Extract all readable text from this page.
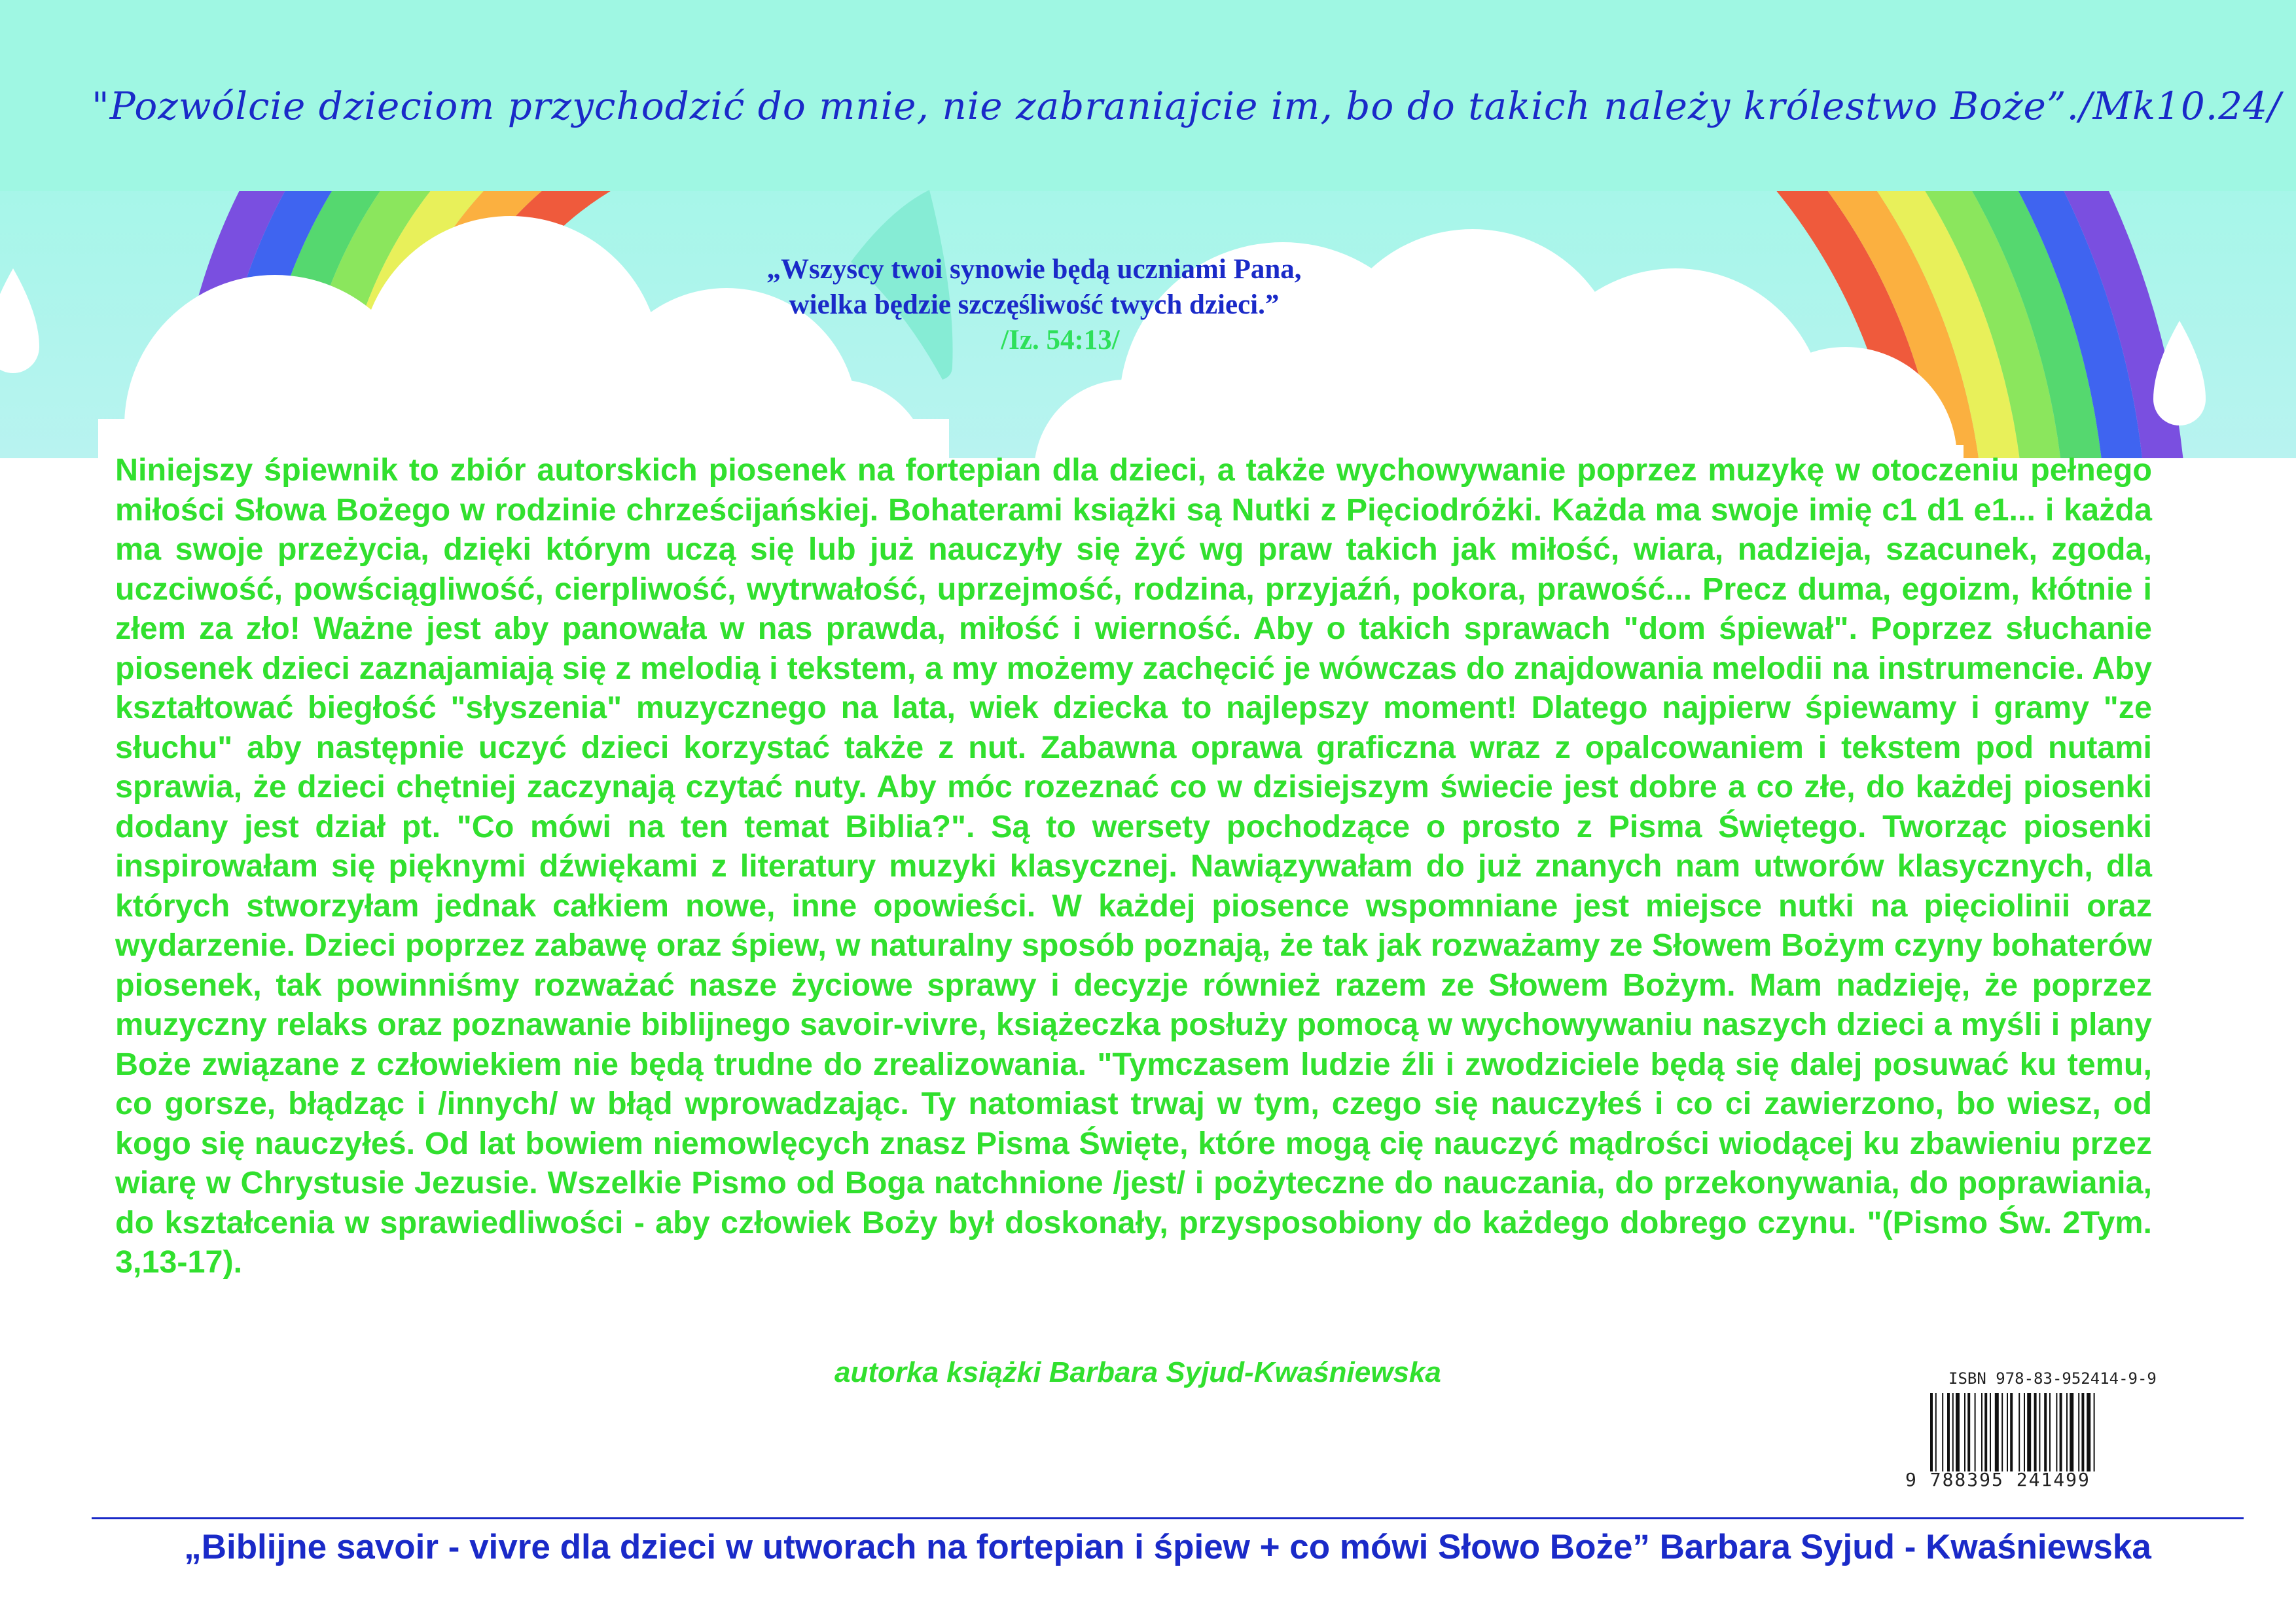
"Pozwólcie dzieciom przychodzić do mnie, nie zabraniajcie im, bo do takich należy królestwo Boże”./Mk10.24/
„Wszyscy twoi synowie będą uczniami Pana,
wielka będzie szczęśliwość twych dzieci.”
/Iz. 54:13/
Niniejszy śpiewnik to zbiór autorskich piosenek na fortepian dla dzieci, a także wychowywanie poprzez muzykę w otoczeniu pełnego miłości Słowa Bożego w rodzinie chrześcijańskiej. Bohaterami książki są Nutki z Pięciodróżki. Każda ma swoje imię c1 d1 e1... i każda ma swoje przeżycia, dzięki którym uczą się lub już nauczyły się żyć wg praw takich jak miłość, wiara, nadzieja, szacunek, zgoda, uczciwość, powściągliwość, cierpliwość, wytrwałość, uprzejmość, rodzina, przyjaźń, pokora, prawość... Precz duma, egoizm, kłótnie i złem za zło! Ważne jest aby panowała w nas prawda, miłość i wierność. Aby o takich sprawach "dom śpiewał". Poprzez słuchanie piosenek dzieci zaznajamiają się z melodią i tekstem, a my możemy zachęcić je wówczas do znajdowania melodii na instrumencie. Aby kształtować biegłość "słyszenia" muzycznego na lata, wiek dziecka to najlepszy moment! Dlatego najpierw śpiewamy i gramy "ze słuchu" aby następnie uczyć dzieci korzystać także z nut. Zabawna oprawa graficzna wraz z opalcowaniem i tekstem pod nutami sprawia, że dzieci chętniej zaczynają czytać nuty. Aby móc rozeznać co w dzisiejszym świecie jest dobre a co złe, do każdej piosenki dodany jest dział pt. "Co mówi na ten temat Biblia?". Są to wersety pochodzące o prosto z Pisma Świętego. Tworząc piosenki inspirowałam się pięknymi dźwiękami z literatury muzyki klasycznej. Nawiązywałam do już znanych nam utworów klasycznych, dla których stworzyłam jednak całkiem nowe, inne opowieści. W każdej piosence wspomniane jest miejsce nutki na pięciolinii oraz wydarzenie. Dzieci poprzez zabawę oraz śpiew, w naturalny sposób poznają, że tak jak rozważamy ze Słowem Bożym czyny bohaterów piosenek, tak powinniśmy rozważać nasze życiowe sprawy i decyzje również razem ze Słowem Bożym. Mam nadzieję, że poprzez muzyczny relaks oraz poznawanie biblijnego savoir-vivre, książeczka posłuży pomocą w wychowywaniu naszych dzieci a myśli i plany Boże związane z człowiekiem nie będą trudne do zrealizowania. "Tymczasem ludzie źli i zwodziciele będą się dalej posuwać ku temu, co gorsze, błądząc i /innych/ w błąd wprowadzając. Ty natomiast trwaj w tym, czego się nauczyłeś i co ci zawierzono, bo wiesz, od kogo się nauczyłeś. Od lat bowiem niemowlęcych znasz Pisma Święte, które mogą cię nauczyć mądrości wiodącej ku zbawieniu przez wiarę w Chrystusie Jezusie. Wszelkie Pismo od Boga natchnione /jest/ i pożyteczne do nauczania, do przekonywania, do poprawiania, do kształcenia w sprawiedliwości - aby człowiek Boży był doskonały, przysposobiony do każdego dobrego czynu. "(Pismo Św. 2Tym. 3,13-17).
autorka książki Barbara Syjud-Kwaśniewska	ISBN 978-83-952414-9-9
9 788395 241499
„Biblijne savoir - vivre dla dzieci w utworach na fortepian i śpiew + co mówi Słowo Boże” Barbara Syjud - Kwaśniewska
